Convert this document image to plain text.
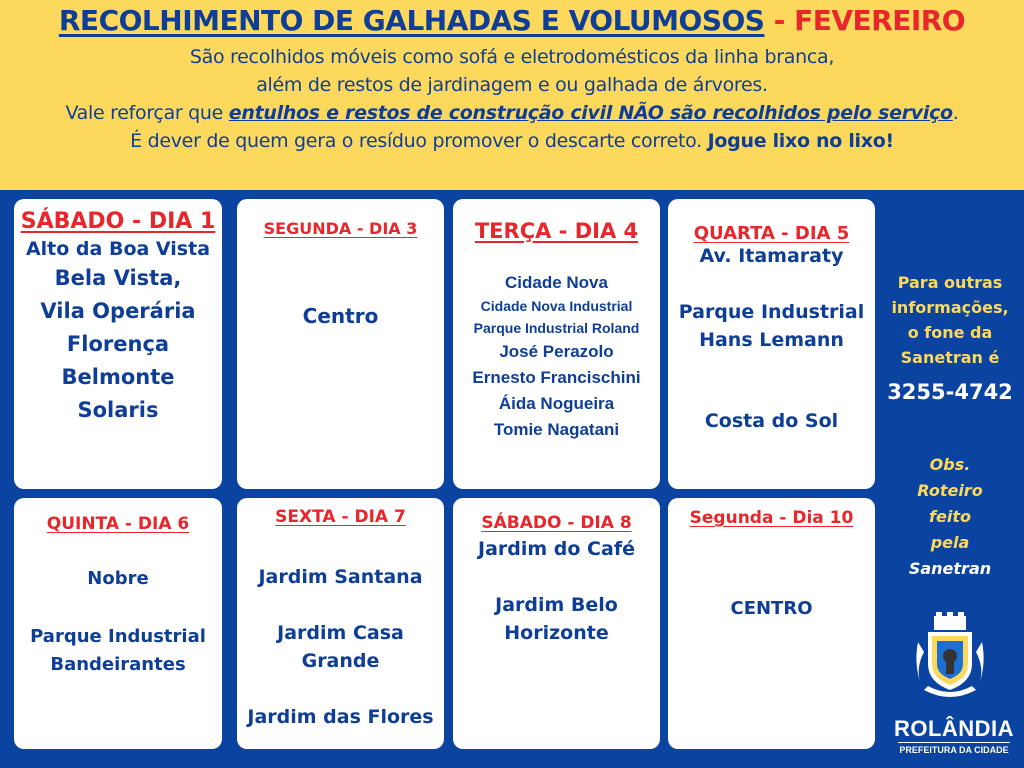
RECOLHIMENTO DE GALHADAS E VOLUMOSOS - FEVEREIRO
São recolhidos móveis como sofá e eletrodomésticos da linha branca,
além de restos de jardinagem e ou galhada de árvores.
Vale reforçar que entulhos e restos de construção civil NÃO são recolhidos pelo serviço.
É dever de quem gera o resíduo promover o descarte correto. Jogue lixo no lixo!
SÁBADO - DIA 1
Alto da Boa Vista
Bela Vista,
Vila Operária
Florença
Belmonte
Solaris
SEGUNDA - DIA 3
Centro
TERÇA - DIA 4
Cidade Nova
Cidade Nova Industrial
Parque Industrial Roland
José Perazolo
Ernesto Francischini
Áida Nogueira
Tomie Nagatani
QUARTA - DIA 5
Av. Itamaraty
Parque Industrial
Hans Lemann
Costa do Sol
QUINTA - DIA 6
Nobre
Parque Industrial
Bandeirantes
SEXTA - DIA 7
Jardim Santana
Jardim Casa
Grande
Jardim das Flores
SÁBADO - DIA 8
Jardim do Café
Jardim Belo
Horizonte
Segunda - Dia 10
CENTRO
Para outras
informações,
o fone da
Sanetran é
3255-4742
Obs.
Roteiro
feito
pela
Sanetran
ROLÂNDIA
PREFEITURA DA CIDADE
